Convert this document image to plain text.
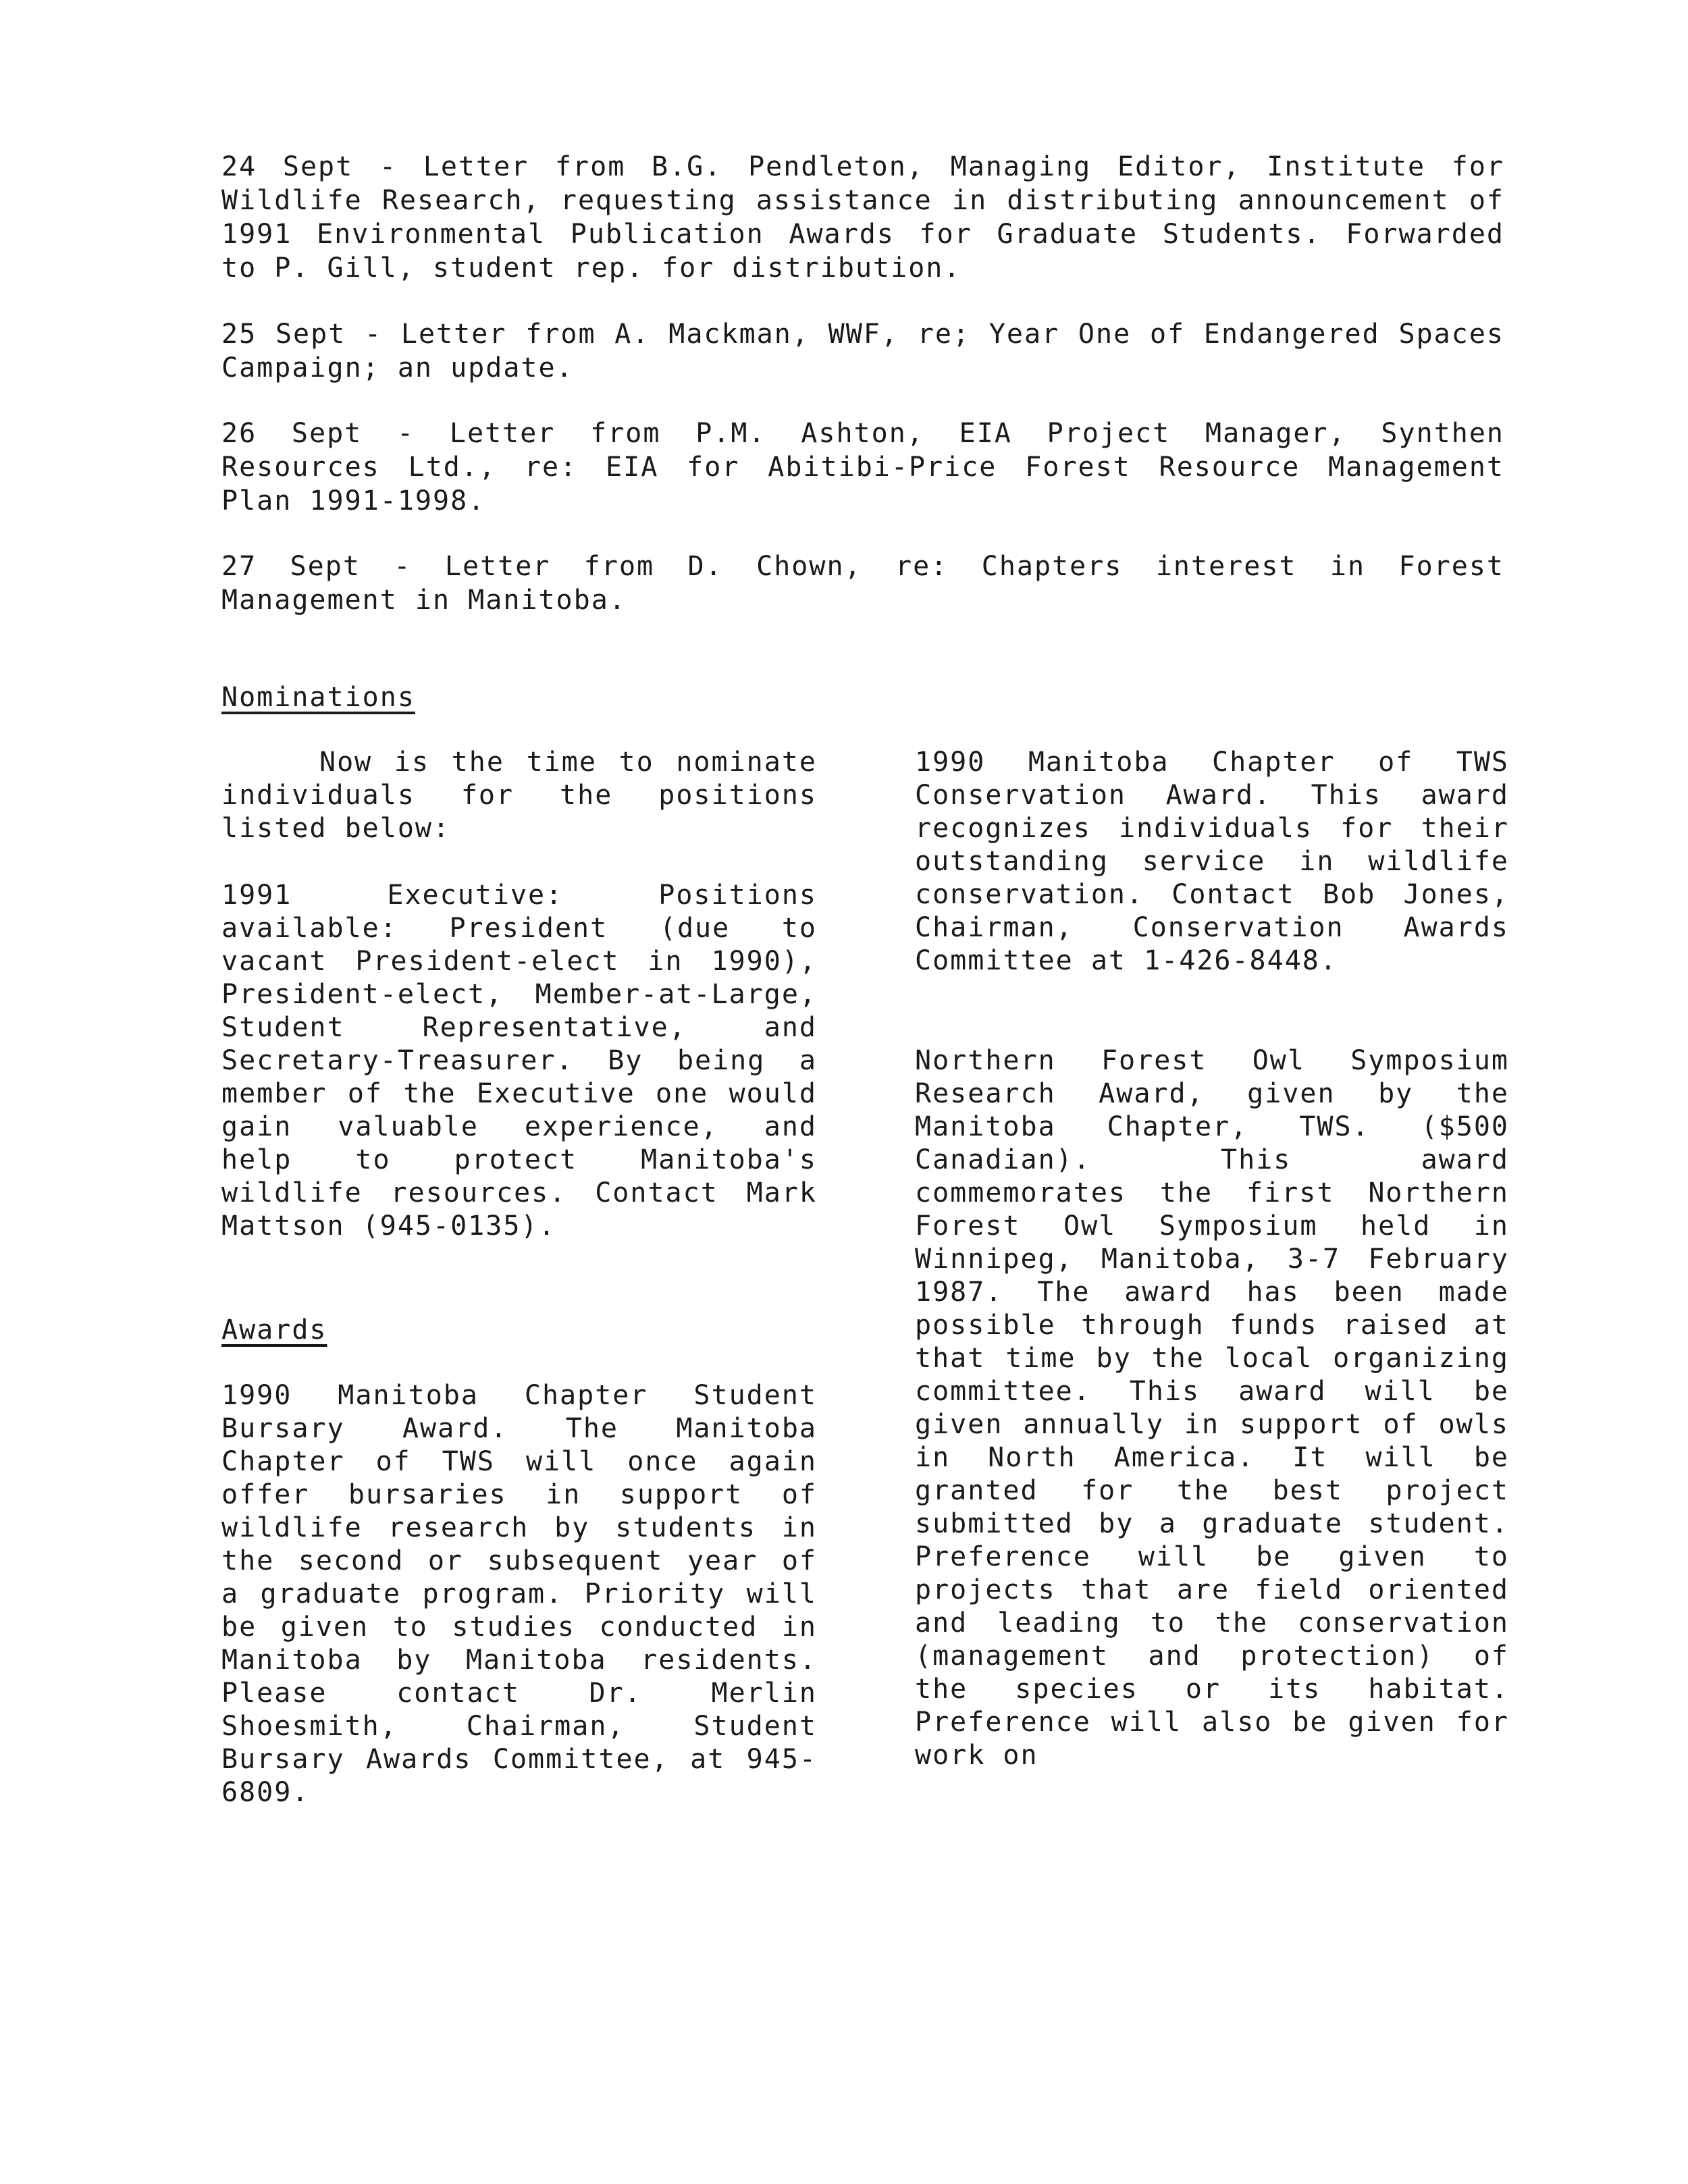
24 Sept - Letter from B.G. Pendleton, Managing Editor, Institute for Wildlife Research, requesting assistance in distributing announcement of 1991 Environmental Publication Awards for Graduate Students. Forwarded to P. Gill, student rep. for distribution.

25 Sept - Letter from A. Mackman, WWF, re; Year One of Endangered Spaces Campaign; an update.

26 Sept - Letter from P.M. Ashton, EIA Project Manager, Synthen Resources Ltd., re: EIA for Abitibi-Price Forest Resource Management Plan 1991-1998.

27 Sept - Letter from D. Chown, re: Chapters interest in Forest Management in Manitoba.

Nominations

Now is the time to nominate individuals for the positions listed below:

1991 Executive: Positions available: President (due to vacant President-elect in 1990), President-elect, Member-at-Large, Student Representative, and Secretary-Treasurer. By being a member of the Executive one would gain valuable experience, and help to protect Manitoba's wildlife resources. Contact Mark Mattson (945-0135).

Awards

1990 Manitoba Chapter Student Bursary Award. The Manitoba Chapter of TWS will once again offer bursaries in support of wildlife research by students in the second or subsequent year of a graduate program. Priority will be given to studies conducted in Manitoba by Manitoba residents. Please contact Dr. Merlin Shoesmith, Chairman, Student Bursary Awards Committee, at 945-6809.

1990 Manitoba Chapter of TWS Conservation Award. This award recognizes individuals for their outstanding service in wildlife conservation. Contact Bob Jones, Chairman, Conservation Awards Committee at 1-426-8448.

Northern Forest Owl Symposium Research Award, given by the Manitoba Chapter, TWS. ($500 Canadian). This award commemorates the first Northern Forest Owl Symposium held in Winnipeg, Manitoba, 3-7 February 1987. The award has been made possible through funds raised at that time by the local organizing committee. This award will be given annually in support of owls in North America. It will be granted for the best project submitted by a graduate student. Preference will be given to projects that are field oriented and leading to the conservation (management and protection) of the species or its habitat. Preference will also be given for work on
